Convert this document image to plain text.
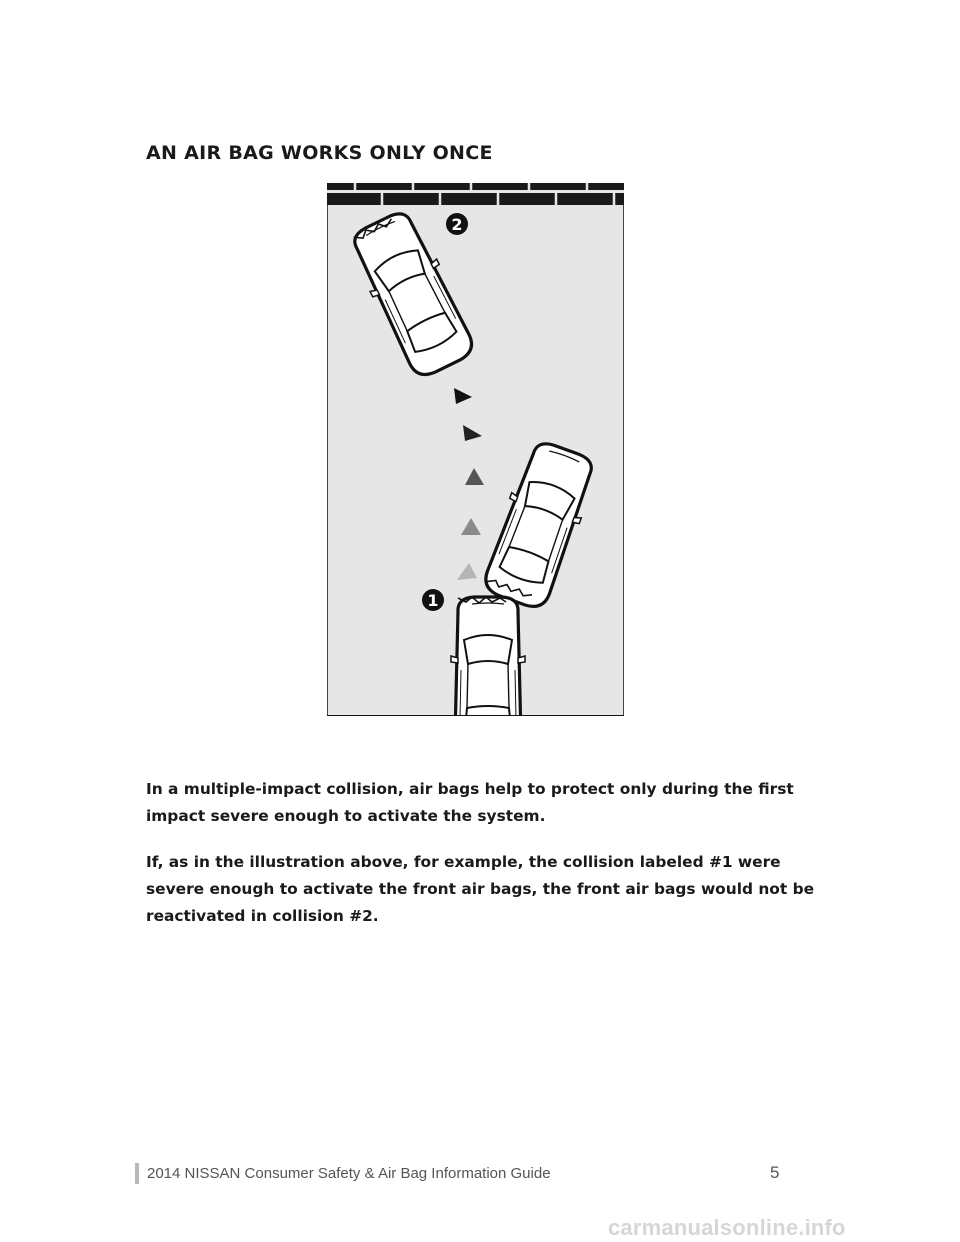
AN AIR BAG WORKS ONLY ONCE
2
1

In a multiple-impact collision, air bags help to protect only during the first impact severe enough to activate the system.

If, as in the illustration above, for example, the collision labeled #1 were severe enough to activate the front air bags, the front air bags would not be reactivated in collision #2.

2014 NISSAN Consumer Safety & Air Bag Information Guide	5
carmanualsonline.info
